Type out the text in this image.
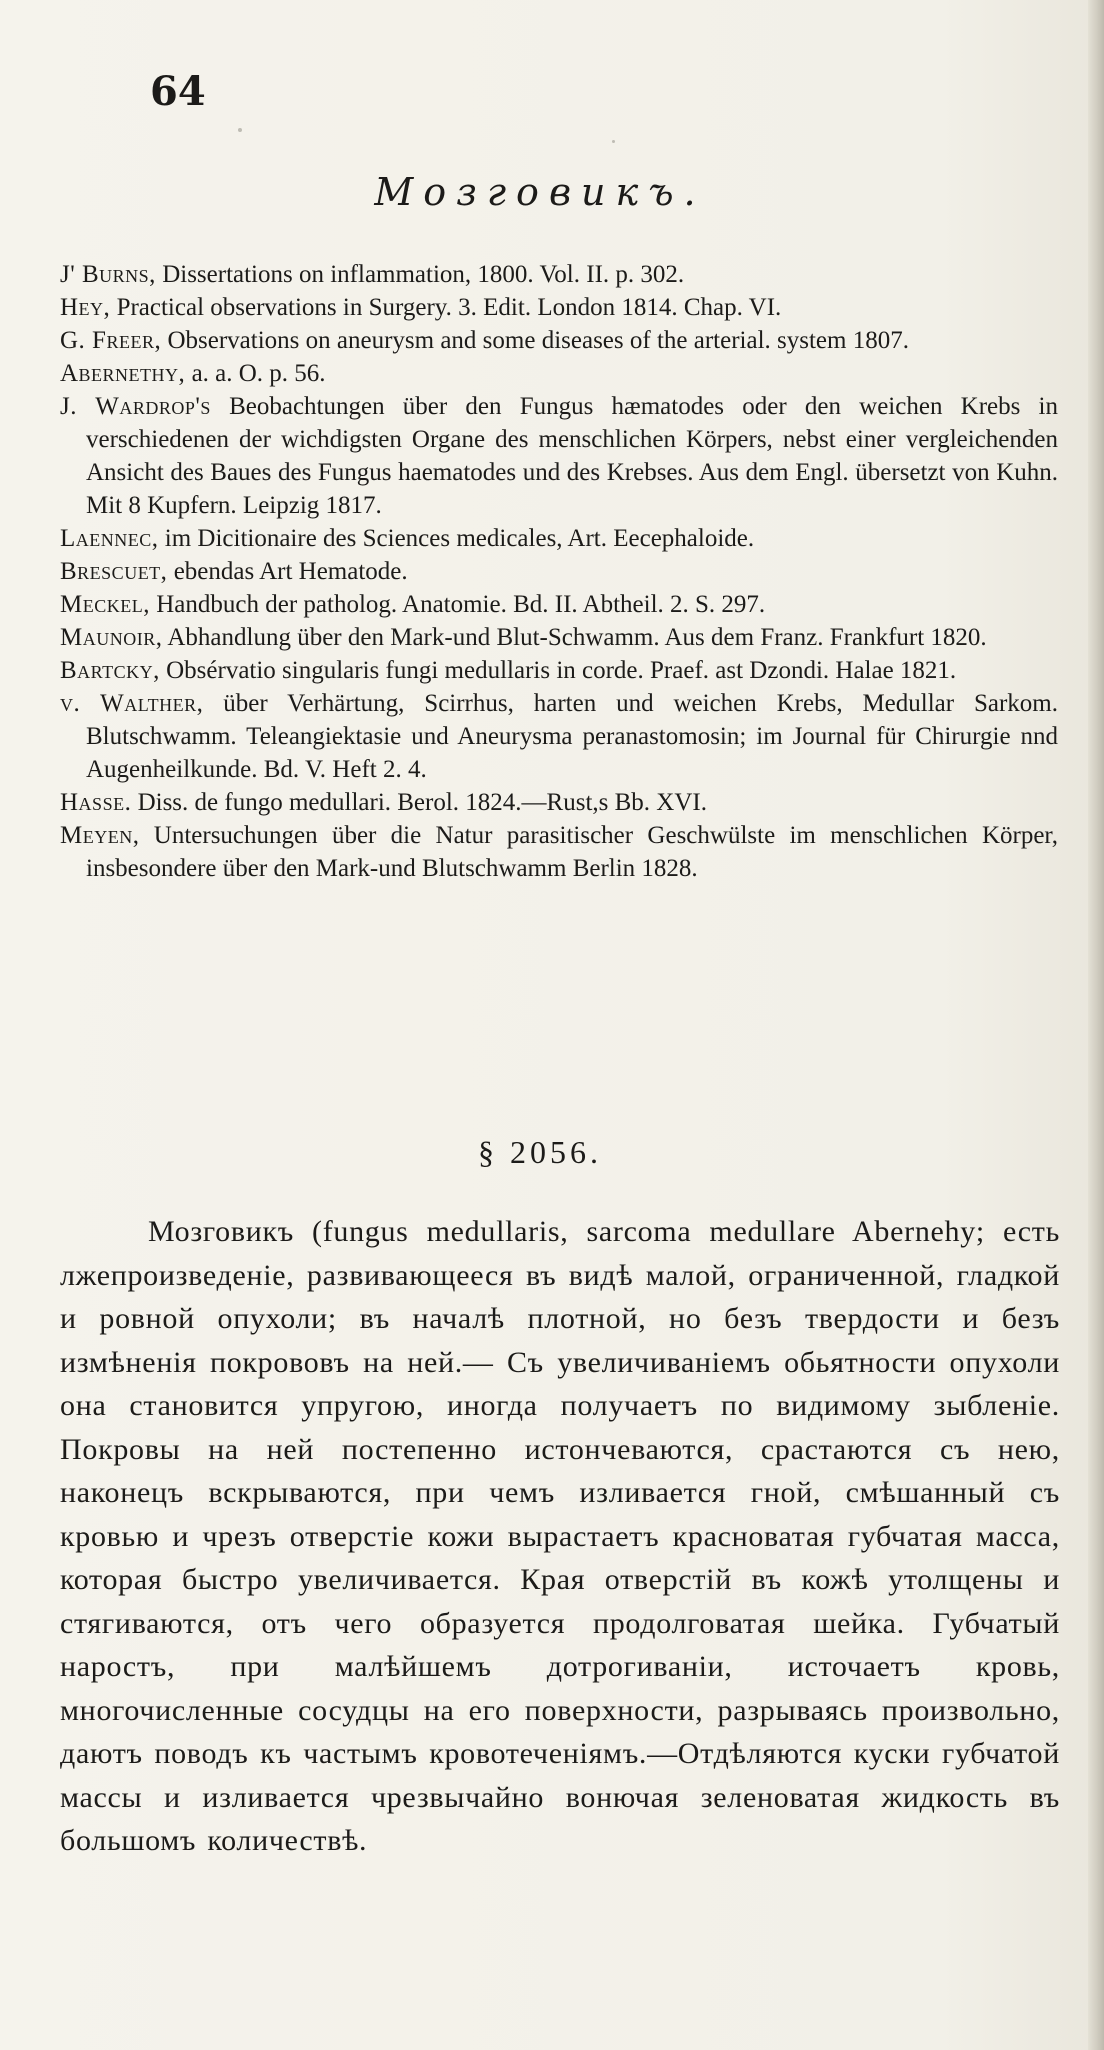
64
Мозговикъ.
J' Burns, Dissertations on inflammation, 1800. Vol. II. p. 302.
Hey, Practical observations in Surgery. 3. Edit. London 1814. Chap. VI.
G. Freer, Observations on aneurysm and some diseases of the arterial. system 1807.
Abernethy, a. a. O. p. 56.
J. Wardrop's Beobachtungen über den Fungus hæmatodes oder den weichen Krebs in verschiedenen der wichdigsten Organe des menschlichen Körpers, nebst einer vergleichenden Ansicht des Baues des Fungus haematodes und des Krebses. Aus dem Engl. übersetzt von Kuhn. Mit 8 Kupfern. Leipzig 1817.
Laennec, im Dicitionaire des Sciences medicales, Art. Eecephaloide.
Brescuet, ebendas Art Hematode.
Meckel, Handbuch der patholog. Anatomie. Bd. II. Abtheil. 2. S. 297.
Maunoir, Abhandlung über den Mark-und Blut-Schwamm. Aus dem Franz. Frankfurt 1820.
Bartcky, Obsérvatio singularis fungi medullaris in corde. Praef. ast Dzondi. Halae 1821.
v. Walther, über Verhärtung, Scirrhus, harten und weichen Krebs, Medullar Sarkom. Blutschwamm. Teleangiektasie und Aneurysma peranastomosin; im Journal für Chirurgie nnd Augenheilkunde. Bd. V. Heft 2. 4.
Hasse. Diss. de fungo medullari. Berol. 1824.—Rust,s Bb. XVI.
Meyen, Untersuchungen über die Natur parasitischer Geschwülste im menschlichen Körper, insbesondere über den Mark-und Blutschwamm Berlin 1828.
§ 2056.

Мозговикъ (fungus medullaris, sarcoma medullare Abernehy; есть лжепроизведеніе, развивающееся въ видѣ малой, ограниченной, гладкой и ровной опухоли; въ началѣ плотной, но безъ твердости и безъ измѣненія покрововъ на ней.— Съ увеличиваніемъ обьятности опухоли она становится упругою, иногда получаетъ по видимому зыбленіе. Покровы на ней постепенно истончеваются, срастаются съ нею, наконецъ вскрываются, при чемъ изливается гной, смѣшанный съ кровью и чрезъ отверстіе кожи вырастаетъ красноватая губчатая масса, которая быстро увеличивается. Края отверстій въ кожѣ утолщены и стягиваются, отъ чего образуется продолговатая шейка. Губчатый наростъ, при малѣйшемъ дотрогиваніи, источаетъ кровь, многочисленные сосудцы на его поверхности, разрываясь произвольно, даютъ поводъ къ частымъ кровотеченіямъ.—Отдѣляются куски губчатой массы и изливается чрезвычайно вонючая зеленоватая жидкость въ большомъ количествѣ.
